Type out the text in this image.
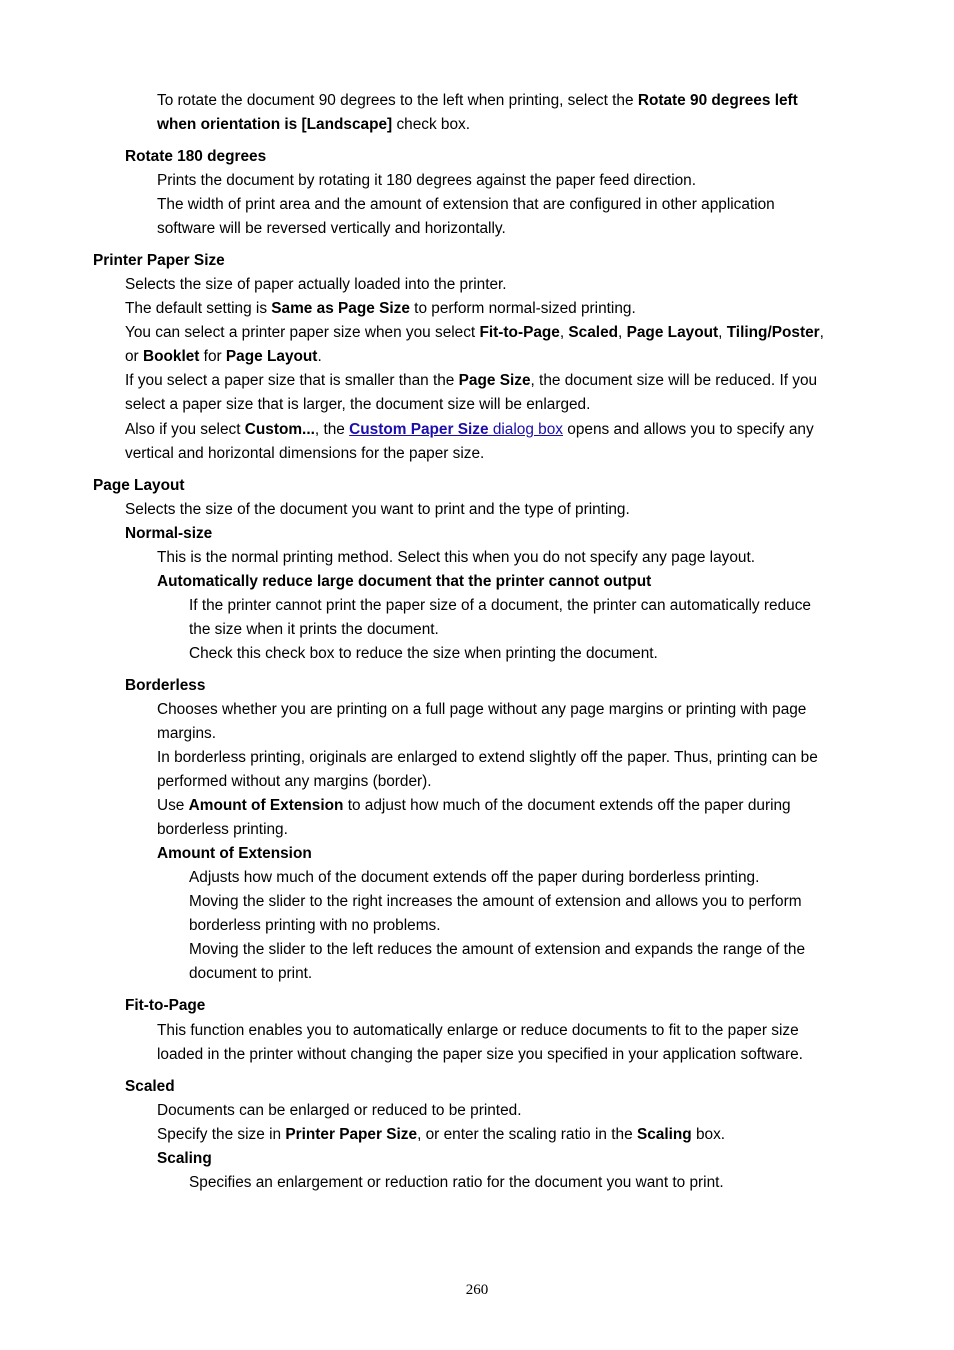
To rotate the document 90 degrees to the left when printing, select the Rotate 90 degrees left
when orientation is [Landscape] check box.
Rotate 180 degrees
Prints the document by rotating it 180 degrees against the paper feed direction.
The width of print area and the amount of extension that are configured in other application
software will be reversed vertically and horizontally.
Printer Paper Size
Selects the size of paper actually loaded into the printer.
The default setting is Same as Page Size to perform normal-sized printing.
You can select a printer paper size when you select Fit-to-Page, Scaled, Page Layout, Tiling/Poster,
or Booklet for Page Layout.
If you select a paper size that is smaller than the Page Size, the document size will be reduced. If you
select a paper size that is larger, the document size will be enlarged.
Also if you select Custom..., the Custom Paper Size dialog box opens and allows you to specify any
vertical and horizontal dimensions for the paper size.
Page Layout
Selects the size of the document you want to print and the type of printing.
Normal-size
This is the normal printing method. Select this when you do not specify any page layout.
Automatically reduce large document that the printer cannot output
If the printer cannot print the paper size of a document, the printer can automatically reduce
the size when it prints the document.
Check this check box to reduce the size when printing the document.
Borderless
Chooses whether you are printing on a full page without any page margins or printing with page
margins.
In borderless printing, originals are enlarged to extend slightly off the paper. Thus, printing can be
performed without any margins (border).
Use Amount of Extension to adjust how much of the document extends off the paper during
borderless printing.
Amount of Extension
Adjusts how much of the document extends off the paper during borderless printing.
Moving the slider to the right increases the amount of extension and allows you to perform
borderless printing with no problems.
Moving the slider to the left reduces the amount of extension and expands the range of the
document to print.
Fit-to-Page
This function enables you to automatically enlarge or reduce documents to fit to the paper size
loaded in the printer without changing the paper size you specified in your application software.
Scaled
Documents can be enlarged or reduced to be printed.
Specify the size in Printer Paper Size, or enter the scaling ratio in the Scaling box.
Scaling
Specifies an enlargement or reduction ratio for the document you want to print.
260
